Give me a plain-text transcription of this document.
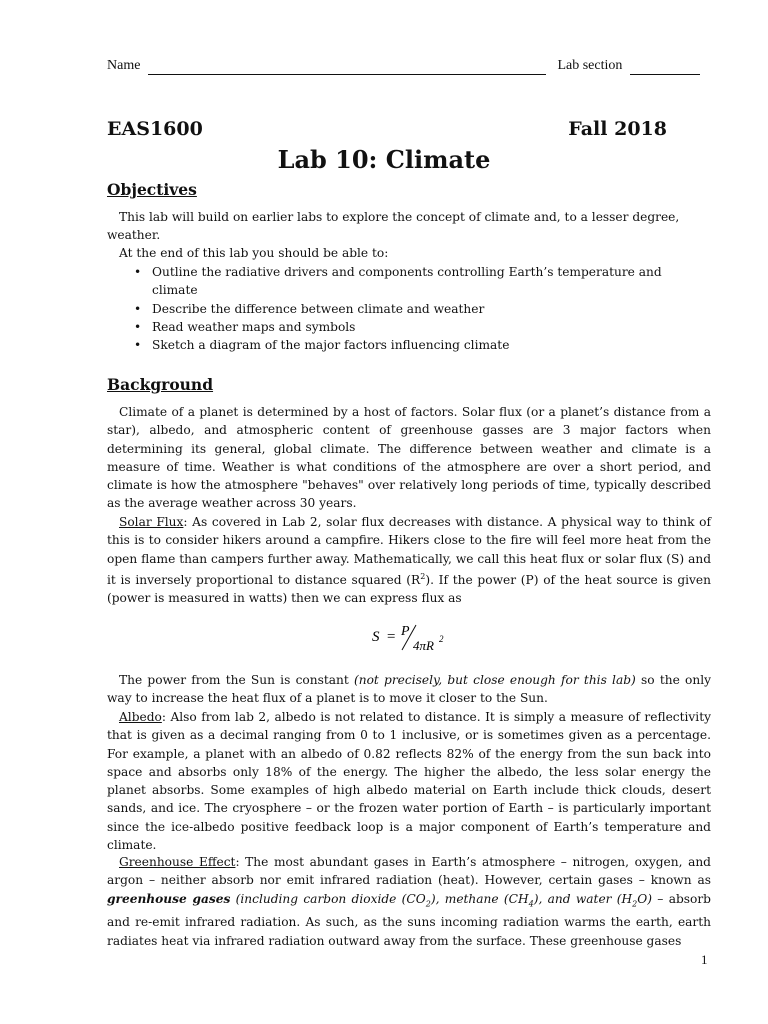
Name	Lab section
EAS1600	Fall 2018
Lab 10: Climate
Objectives
This lab will build on earlier labs to explore the concept of climate and, to a lesser degree, weather.
At the end of this lab you should be able to:
• Outline the radiative drivers and components controlling Earth’s temperature and climate
• Describe the difference between climate and weather
• Read weather maps and symbols
• Sketch a diagram of the major factors influencing climate
Background
Climate of a planet is determined by a host of factors. Solar flux (or a planet’s distance from a star), albedo, and atmospheric content of greenhouse gasses are 3 major factors when determining its general, global climate. The difference between weather and climate is a measure of time. Weather is what conditions of the atmosphere are over a short period, and climate is how the atmosphere "behaves" over relatively long periods of time, typically described as the average weather across 30 years.
Solar Flux: As covered in Lab 2, solar flux decreases with distance. A physical way to think of this is to consider hikers around a campfire. Hikers close to the fire will feel more heat from the open flame than campers further away. Mathematically, we call this heat flux or solar flux (S) and it is inversely proportional to distance squared $(R^2)$. If the power (P) of the heat source is given (power is measured in watts) then we can express flux as
S = P
4πR 2
The power from the Sun is constant (not precisely, but close enough for this lab) so the only way to increase the heat flux of a planet is to move it closer to the Sun.
Albedo: Also from lab 2, albedo is not related to distance. It is simply a measure of reflectivity that is given as a decimal ranging from 0 to 1 inclusive, or is sometimes given as a percentage. For example, a planet with an albedo of 0.82 reflects 82% of the energy from the sun back into space and absorbs only 18% of the energy. The higher the albedo, the less solar energy the planet absorbs. Some examples of high albedo material on Earth include thick clouds, desert sands, and ice. The cryosphere – or the frozen water portion of Earth – is particularly important since the ice-albedo positive feedback loop is a major component of Earth’s temperature and climate.
Greenhouse Effect: The most abundant gases in Earth’s atmosphere – nitrogen, oxygen, and argon – neither absorb nor emit infrared radiation (heat). However, certain gases – known as greenhouse gases (including carbon dioxide $(CO_2)$, methane $(CH_4)$, and water $(H_2O)$ – absorb and re-emit infrared radiation. As such, as the suns incoming radiation warms the earth, earth radiates heat via infrared radiation outward away from the surface. These greenhouse gases
1
